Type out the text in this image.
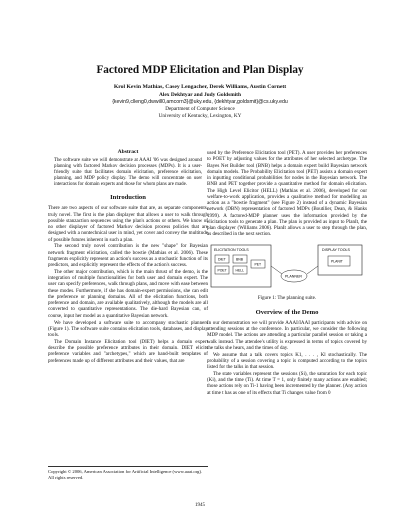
Factored MDP Elicitation and Plan Display
Krol Kevin Mathias, Casey Lengacher, Derek Williams, Austin Cornett
Alex Dekhtyar and Judy Goldsmith
{kevin9,clleng0,dwwill0,amcorn3}@uky.edu, {dekhtyar,goldsmit}@cs.uky.edu
Department of Computer Science
University of Kentucky, Lexington, KY
Abstract
The software suite we will demonstrate at AAAI '06 was designed around planning with factored Markov decision processes (MDPs). It is a user-friendly suite that facilitates domain elicitation, preference elicitation, planning, and MDP policy display. The demo will concentrate on user interactions for domain experts and those for whom plans are made.
Introduction

There are two aspects of our software suite that are, as separate components, truly novel. The first is the plan displayer that allows a user to walk through possible stanzaction sequences using the plan's actions or others. We know of no other displayer of factored Markov decision process policies that are designed with a nontechnical user in mind, yet cover and convey the multitude of possible futures inherent in such a plan.

The second truly novel contribution is the new "shape" for Bayesian network fragment elicitation, called the bowtie (Mathias et al. 2006). These fragments explicitly represent an action's success as a stochastic function of its predictors, and explicitly represent the effects of the action's success.

The other major contribution, which is the main thrust of the demo, is the integration of multiple functionalities for both user and domain expert. The user can specify preferences, walk through plans, and move with ease between these modes. Furthermore, if she has domain-expert permissions, she can edit the preference or planning domains. All of the elicitation functions, both preference and domain, are available qualitatively, although the models are all converted to quantitative representations. The die-hard Bayesian can, of course, input her model as a quantitative Bayesian network.

We have developed a software suite to accompany stochastic planners (Figure 1). The software suite contains elicitation tools, databases, and display tools.

The Domain Instance Elicitation tool (DIET) helps a domain expert describe the possible preference attributes in their domain. DIET elicits preference variables and "archetypes," which are hand-built templates of preferences made up of different attributes and their values, that are

Copyright © 2006, American Association for Artificial Intelligence (www.aaai.org). All rights reserved.

used by the Preference Elicitation tool (PET). A user provides her preferences to POET by adjusting values for the attributes of her selected archetype. The Bayes Net Builder tool (BNB) helps a domain expert build Bayesian network domain models. The Probability Elicitation tool (PET) assists a domain expert in inputting conditional probabilities for nodes in the Bayesian network. The BNB and PET together provide a quantitative method for domain elicitation. The High Level Elicitor (HELL) (Mathias et al. 2006), developed for our welfare-to-work application, provides a qualitative method for modelling an action as a "bowtie fragment" (see Figure 2) instead of a dynamic Bayesian network (DBN) representation of factored MDPs (Boutilier, Dean, & Hanks 1999). A factored-MDP planner uses the information provided by the elicitation tools to generate a plan. The plan is provided as input to PlanIt, the plan displayer (Williams 2006). PlanIt allows a user to step through the plan, as described in the next section.

ELICITATION TOOLS
DIET	BNB
POET	HELL
PET
PLANNER
DISPLAY TOOLS
PLANIT
Figure 1: The planning suite.
Overview of the Demo

In our demonstration we will provide AAAI/IAAI participants with advice on attending sessions at the conference. In particular, we consider the following MDP model. The actions are attending a particular parallel session or taking a walk instead. The attendee's utility is expressed in terms of topics covered by the talks she hears, and the times of day.

We assume that a talk covers topics K1, . . . , Kl stochastically. The probability of a session covering a topic is computed according to the topics listed for the talks in that session.

The state variables represent the sessions (Si), the saturation for each topic (Ki), and the time (Ti). At time T = 1, only finitely many actions are enabled; those actions rely on Ti-1 having been incremented by the planner. (Any action at time t has as one of its effects that Ti changes value from 0

1945
